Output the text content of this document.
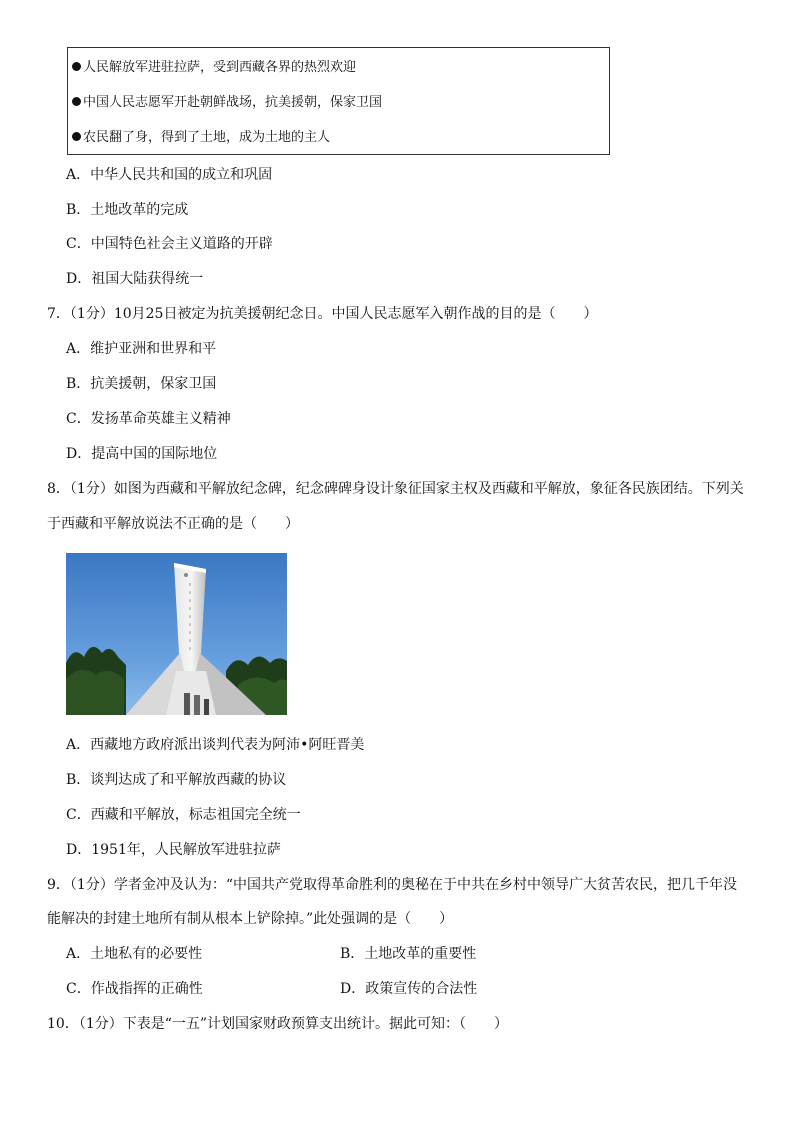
人民解放军进驻拉萨，受到西藏各界的热烈欢迎
中国人民志愿军开赴朝鲜战场，抗美援朝，保家卫国
农民翻了身，得到了土地，成为土地的主人
A．中华人民共和国的成立和巩固
B．土地改革的完成
C．中国特色社会主义道路的开辟
D．祖国大陆获得统一
7．（1分）10月25日被定为抗美援朝纪念日。中国人民志愿军入朝作战的目的是（　　）
A．维护亚洲和世界和平
B．抗美援朝，保家卫国
C．发扬革命英雄主义精神
D．提高中国的国际地位
8．（1分）如图为西藏和平解放纪念碑，纪念碑碑身设计象征国家主权及西藏和平解放，象征各民族团结。下列关
于西藏和平解放说法不正确的是（　　）
A．西藏地方政府派出谈判代表为阿沛•阿旺晋美
B．谈判达成了和平解放西藏的协议
C．西藏和平解放，标志祖国完全统一
D．1951年，人民解放军进驻拉萨
9．（1分）学者金冲及认为：“中国共产党取得革命胜利的奥秘在于中共在乡村中领导广大贫苦农民，把几千年没
能解决的封建土地所有制从根本上铲除掉。”此处强调的是（　　）
A．土地私有的必要性	B．土地改革的重要性
C．作战指挥的正确性	D．政策宣传的合法性
10．（1分）下表是“一五”计划国家财政预算支出统计。据此可知：（　　）
